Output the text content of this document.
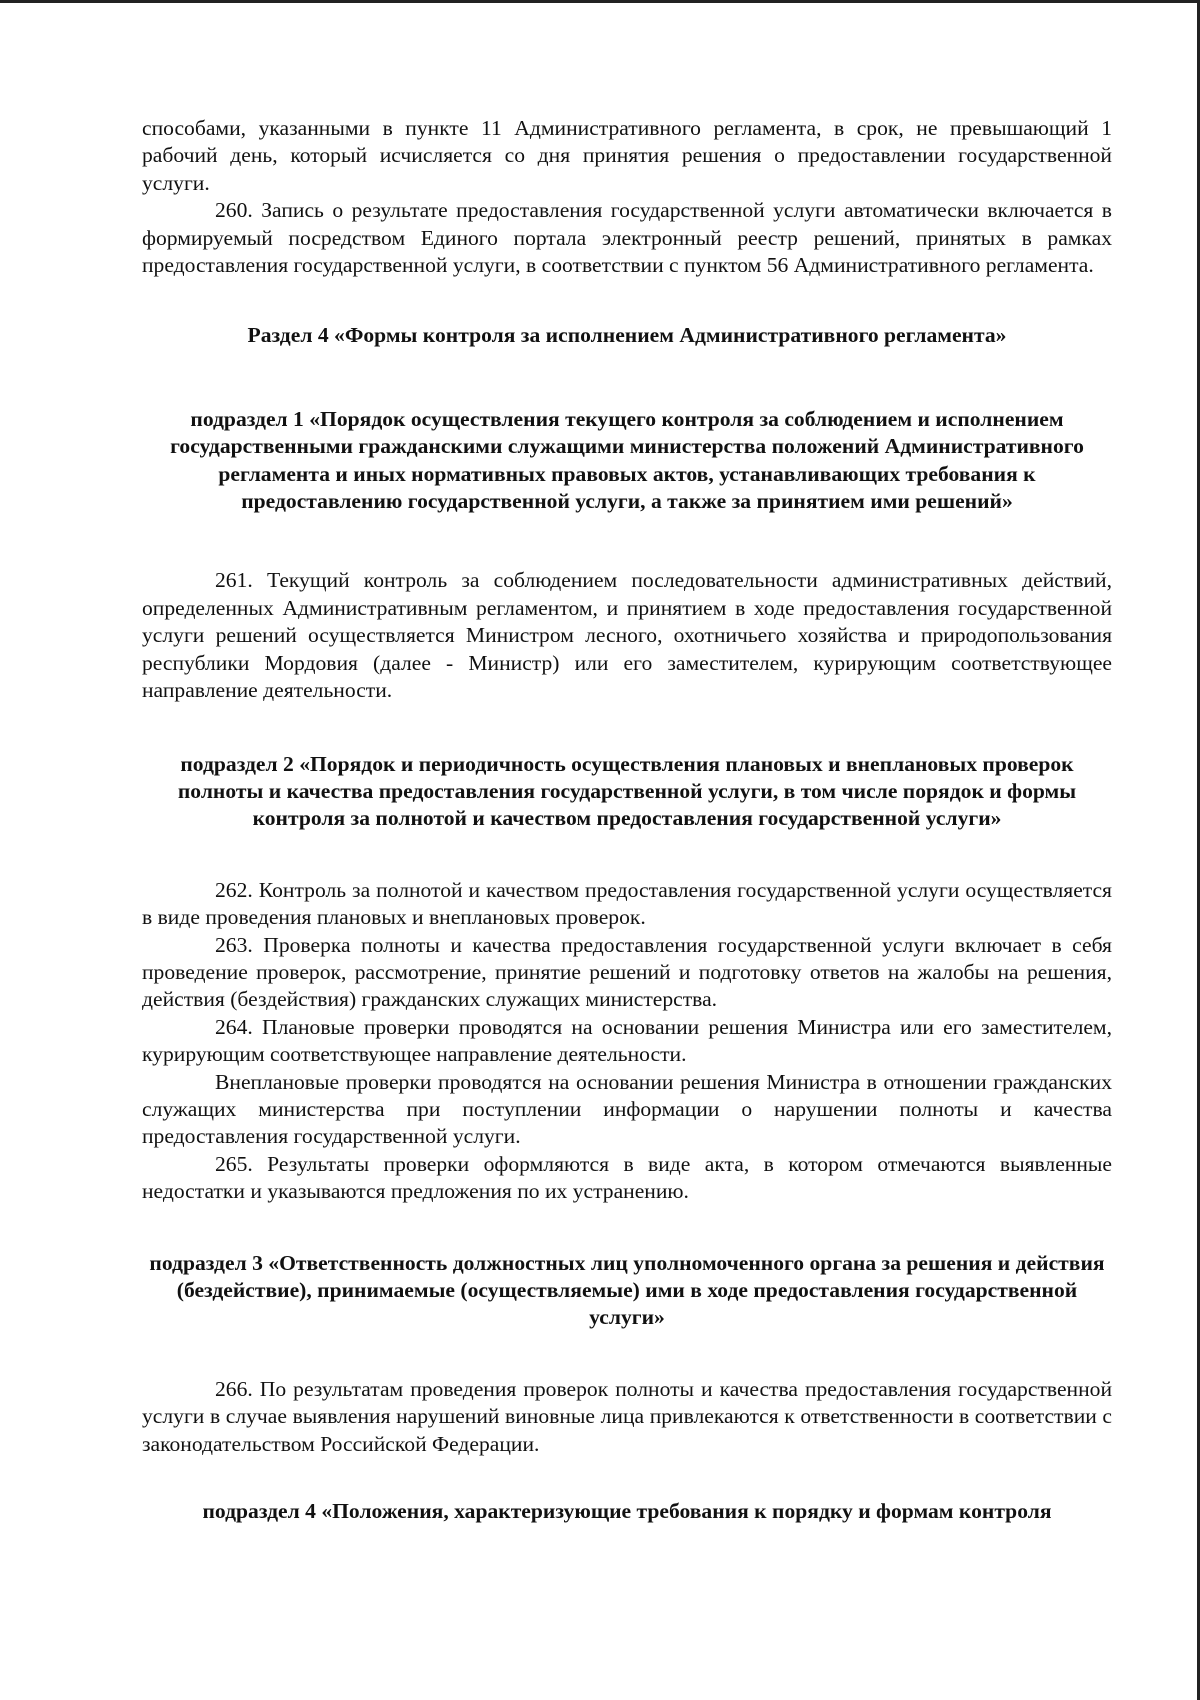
способами, указанными в пункте 11 Административного регламента, в срок, не превышающий 1 рабочий день, который исчисляется со дня принятия решения о предоставлении государственной услуги.

260. Запись о результате предоставления государственной услуги автоматически включается в формируемый посредством Единого портала электронный реестр решений, принятых в рамках предоставления государственной услуги, в соответствии с пунктом 56 Административного регламента.

Раздел 4 «Формы контроля за исполнением Административного регламента»

подраздел 1 «Порядок осуществления текущего контроля за соблюдением и исполнением государственными гражданскими служащими министерства положений Административного регламента и иных нормативных правовых актов, устанавливающих требования к предоставлению государственной услуги, а также за принятием ими решений»

261. Текущий контроль за соблюдением последовательности административных действий, определенных Административным регламентом, и принятием в ходе предоставления государственной услуги решений осуществляется Министром лесного, охотничьего хозяйства и природопользования республики Мордовия (далее - Министр) или его заместителем, курирующим соответствующее направление деятельности.

подраздел 2 «Порядок и периодичность осуществления плановых и внеплановых проверок полноты и качества предоставления государственной услуги, в том числе порядок и формы контроля за полнотой и качеством предоставления государственной услуги»

262. Контроль за полнотой и качеством предоставления государственной услуги осуществляется в виде проведения плановых и внеплановых проверок.

263. Проверка полноты и качества предоставления государственной услуги включает в себя проведение проверок, рассмотрение, принятие решений и подготовку ответов на жалобы на решения, действия (бездействия) гражданских служащих министерства.

264. Плановые проверки проводятся на основании решения Министра или его заместителем, курирующим соответствующее направление деятельности.

Внеплановые проверки проводятся на основании решения Министра в отношении гражданских служащих министерства при поступлении информации о нарушении полноты и качества предоставления государственной услуги.

265. Результаты проверки оформляются в виде акта, в котором отмечаются выявленные недостатки и указываются предложения по их устранению.

подраздел 3 «Ответственность должностных лиц уполномоченного органа за решения и действия (бездействие), принимаемые (осуществляемые) ими в ходе предоставления государственной услуги»

266. По результатам проведения проверок полноты и качества предоставления государственной услуги в случае выявления нарушений виновные лица привлекаются к ответственности в соответствии с законодательством Российской Федерации.

подраздел 4 «Положения, характеризующие требования к порядку и формам контроля
